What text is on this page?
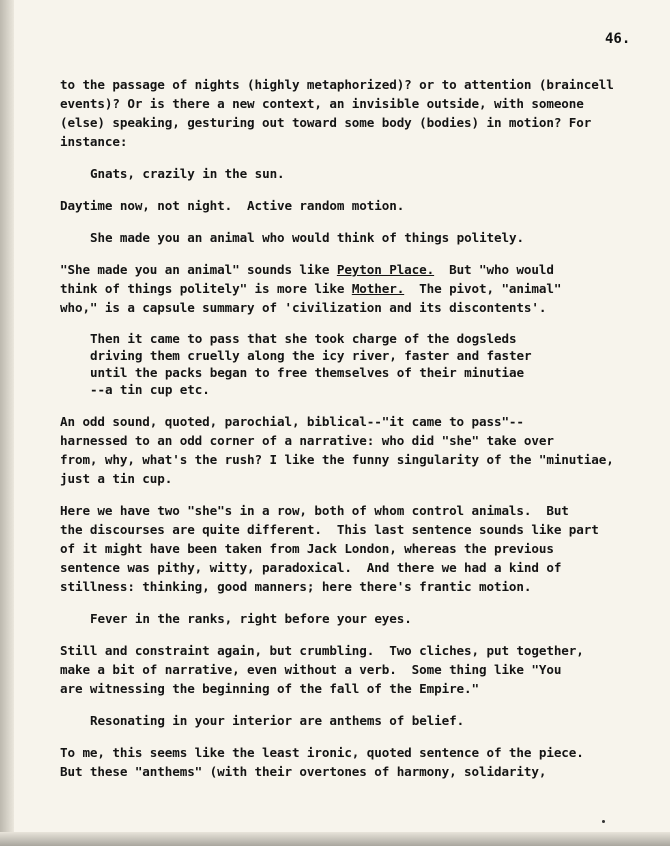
46.
to the passage of nights (highly metaphorized)? or to attention (braincell
events)? Or is there a new context, an invisible outside, with someone
(else) speaking, gesturing out toward some body (bodies) in motion? For
instance:
Gnats, crazily in the sun.
Daytime now, not night.  Active random motion.
She made you an animal who would think of things politely.
"She made you an animal" sounds like Peyton Place.  But "who would
think of things politely" is more like Mother.  The pivot, "animal"
who," is a capsule summary of 'civilization and its discontents'.
Then it came to pass that she took charge of the dogsleds
driving them cruelly along the icy river, faster and faster
until the packs began to free themselves of their minutiae
--a tin cup etc.
An odd sound, quoted, parochial, biblical--"it came to pass"--
harnessed to an odd corner of a narrative: who did "she" take over
from, why, what's the rush? I like the funny singularity of the "minutiae,
just a tin cup.
Here we have two "she"s in a row, both of whom control animals.  But
the discourses are quite different.  This last sentence sounds like part
of it might have been taken from Jack London, whereas the previous
sentence was pithy, witty, paradoxical.  And there we had a kind of
stillness: thinking, good manners; here there's frantic motion.
Fever in the ranks, right before your eyes.
Still and constraint again, but crumbling.  Two cliches, put together,
make a bit of narrative, even without a verb.  Some thing like "You
are witnessing the beginning of the fall of the Empire."
Resonating in your interior are anthems of belief.
To me, this seems like the least ironic, quoted sentence of the piece.
But these "anthems" (with their overtones of harmony, solidarity,
